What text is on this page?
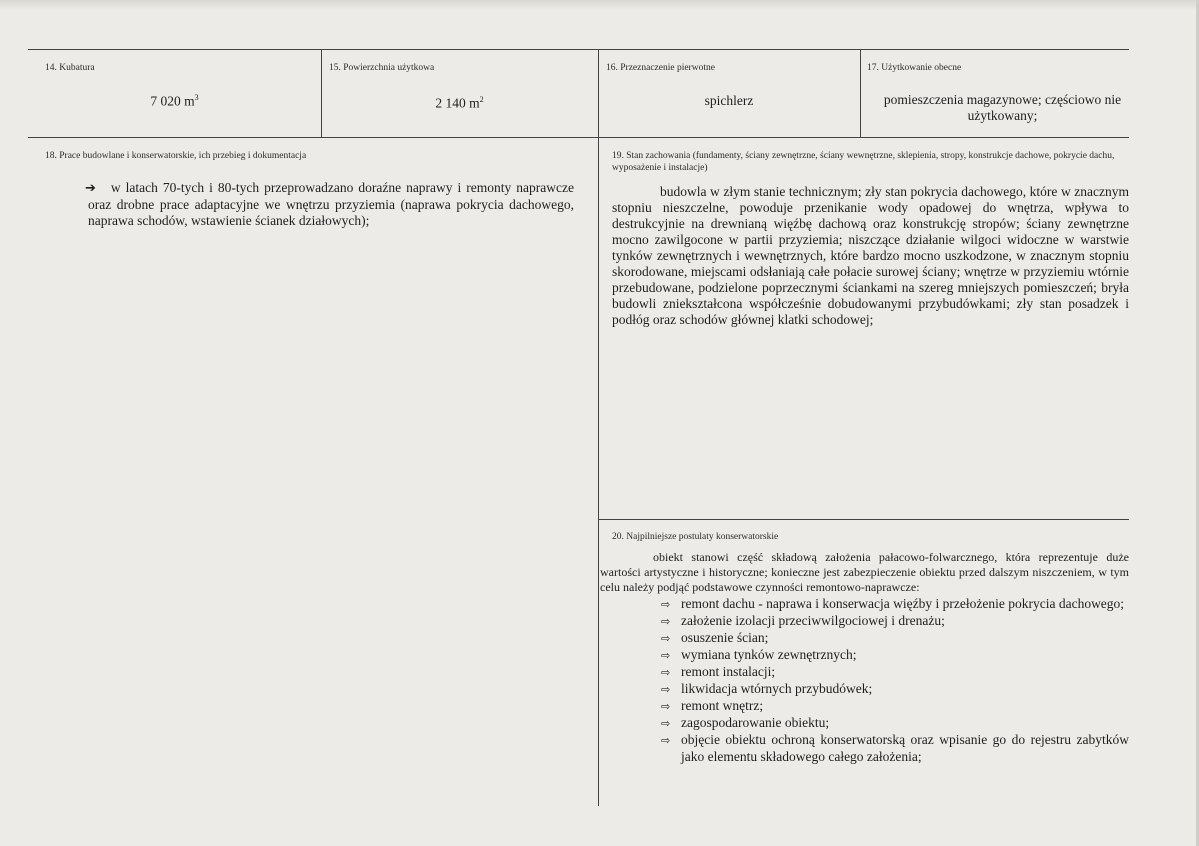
14. Kubatura
7 020 $m^3$
15. Powierzchnia użytkowa
2 140 $m^2$
16. Przeznaczenie pierwotne
spichlerz
17. Użytkowanie obecne
pomieszczenia magazynowe; częściowo nie użytkowany;
18. Prace budowlane i konserwatorskie, ich przebieg i dokumentacja
➔ w latach 70-tych i 80-tych przeprowadzano doraźne naprawy i remonty naprawcze oraz drobne prace adaptacyjne we wnętrzu przyziemia (naprawa pokrycia dachowego, naprawa schodów, wstawienie ścianek działowych);
19. Stan zachowania (fundamenty, ściany zewnętrzne, ściany wewnętrzne, sklepienia, stropy, konstrukcje dachowe, pokrycie dachu, wyposażenie i instalacje)
budowla w złym stanie technicznym; zły stan pokrycia dachowego, które w znacznym stopniu nieszczelne, powoduje przenikanie wody opadowej do wnętrza, wpływa to destrukcyjnie na drewnianą więźbę dachową oraz konstrukcję stropów; ściany zewnętrzne mocno zawilgocone w partii przyziemia; niszczące działanie wilgoci widoczne w warstwie tynków zewnętrznych i wewnętrznych, które bardzo mocno uszkodzone, w znacznym stopniu skorodowane, miejscami odsłaniają całe połacie surowej ściany; wnętrze w przyziemiu wtórnie przebudowane, podzielone poprzecznymi ściankami na szereg mniejszych pomieszczeń; bryła budowli zniekształcona współcześnie dobudowanymi przybudówkami; zły stan posadzek i podłóg oraz schodów głównej klatki schodowej;
20. Najpilniejsze postulaty konserwatorskie
obiekt stanowi część składową założenia pałacowo-folwarcznego, która reprezentuje duże wartości artystyczne i historyczne; konieczne jest zabezpieczenie obiektu przed dalszym niszczeniem, w tym celu należy podjąć podstawowe czynności remontowo-naprawcze:
⇨ remont dachu - naprawa i konserwacja więźby i przełożenie pokrycia dachowego;
⇨ założenie izolacji przeciwwilgociowej i drenażu;
⇨ osuszenie ścian;
⇨ wymiana tynków zewnętrznych;
⇨ remont instalacji;
⇨ likwidacja wtórnych przybudówek;
⇨ remont wnętrz;
⇨ zagospodarowanie obiektu;
⇨ objęcie obiektu ochroną konserwatorską oraz wpisanie go do rejestru zabytków jako elementu składowego całego założenia;
